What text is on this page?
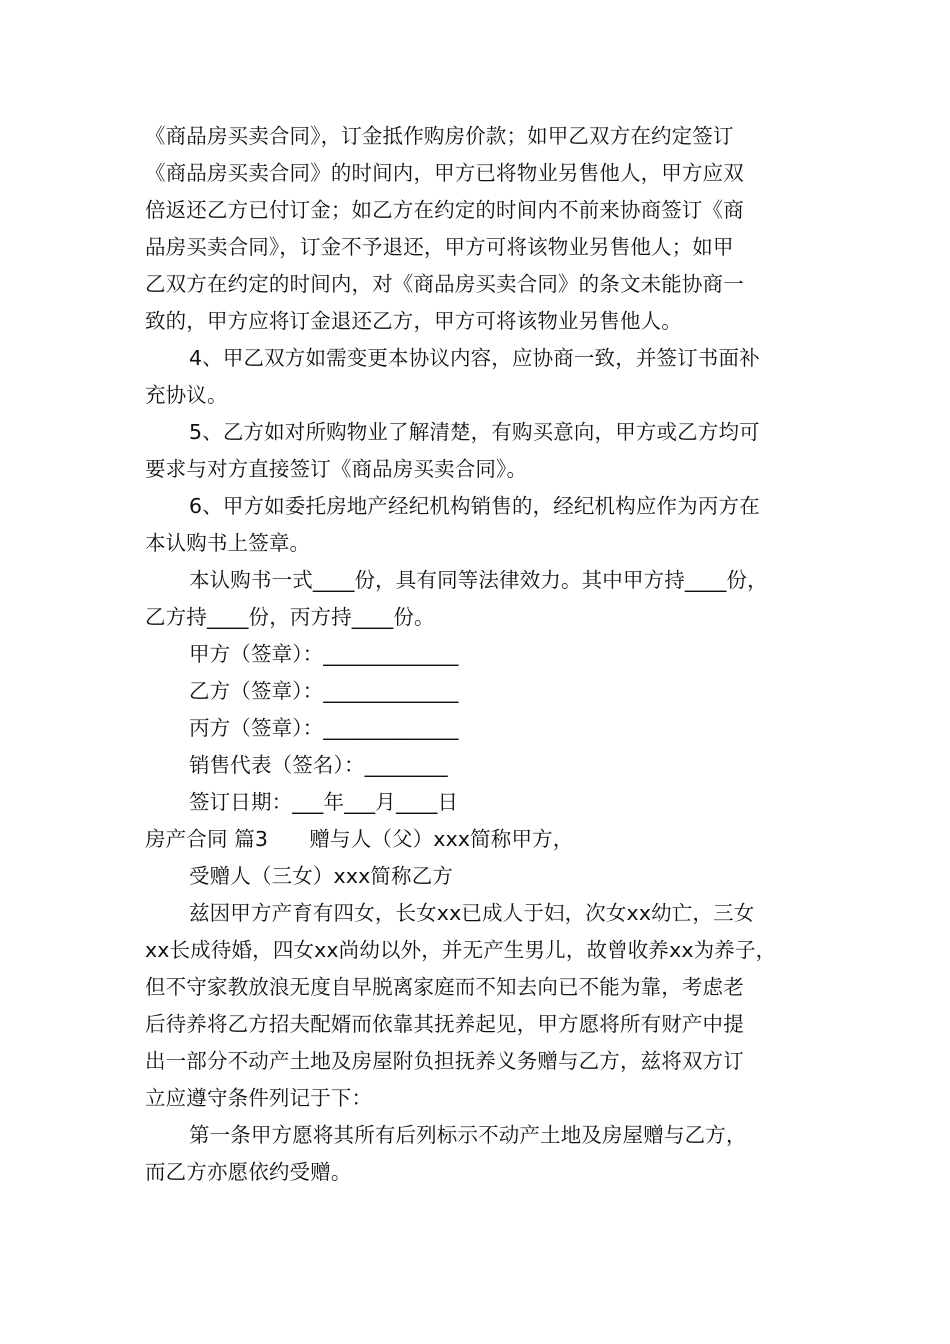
《商品房买卖合同》，订金抵作购房价款；如甲乙双方在约定签订
《商品房买卖合同》的时间内，甲方已将物业另售他人，甲方应双
倍返还乙方已付订金；如乙方在约定的时间内不前来协商签订《商
品房买卖合同》，订金不予退还，甲方可将该物业另售他人；如甲
乙双方在约定的时间内，对《商品房买卖合同》的条文未能协商一
致的，甲方应将订金退还乙方，甲方可将该物业另售他人。
4、甲乙双方如需变更本协议内容，应协商一致，并签订书面补
充协议。
5、乙方如对所购物业了解清楚，有购买意向，甲方或乙方均可
要求与对方直接签订《商品房买卖合同》。
6、甲方如委托房地产经纪机构销售的，经纪机构应作为丙方在
本认购书上签章。
本认购书一式____份，具有同等法律效力。其中甲方持____份，
乙方持____份，丙方持____份。
甲方（签章）：_____________
乙方（签章）：_____________
丙方（签章）：_____________
销售代表（签名）：________
签订日期：___年___月____日
房产合同 篇3　　赠与人（父）xxx简称甲方，
受赠人（三女）xxx简称乙方
兹因甲方产育有四女，长女xx已成人于妇，次女xx幼亡，三女
xx长成待婚，四女xx尚幼以外，并无产生男儿，故曾收养xx为养子，
但不守家教放浪无度自早脱离家庭而不知去向已不能为靠，考虑老
后待养将乙方招夫配婿而依靠其抚养起见，甲方愿将所有财产中提
出一部分不动产土地及房屋附负担抚养义务赠与乙方，兹将双方订
立应遵守条件列记于下：
第一条甲方愿将其所有后列标示不动产土地及房屋赠与乙方，
而乙方亦愿依约受赠。
